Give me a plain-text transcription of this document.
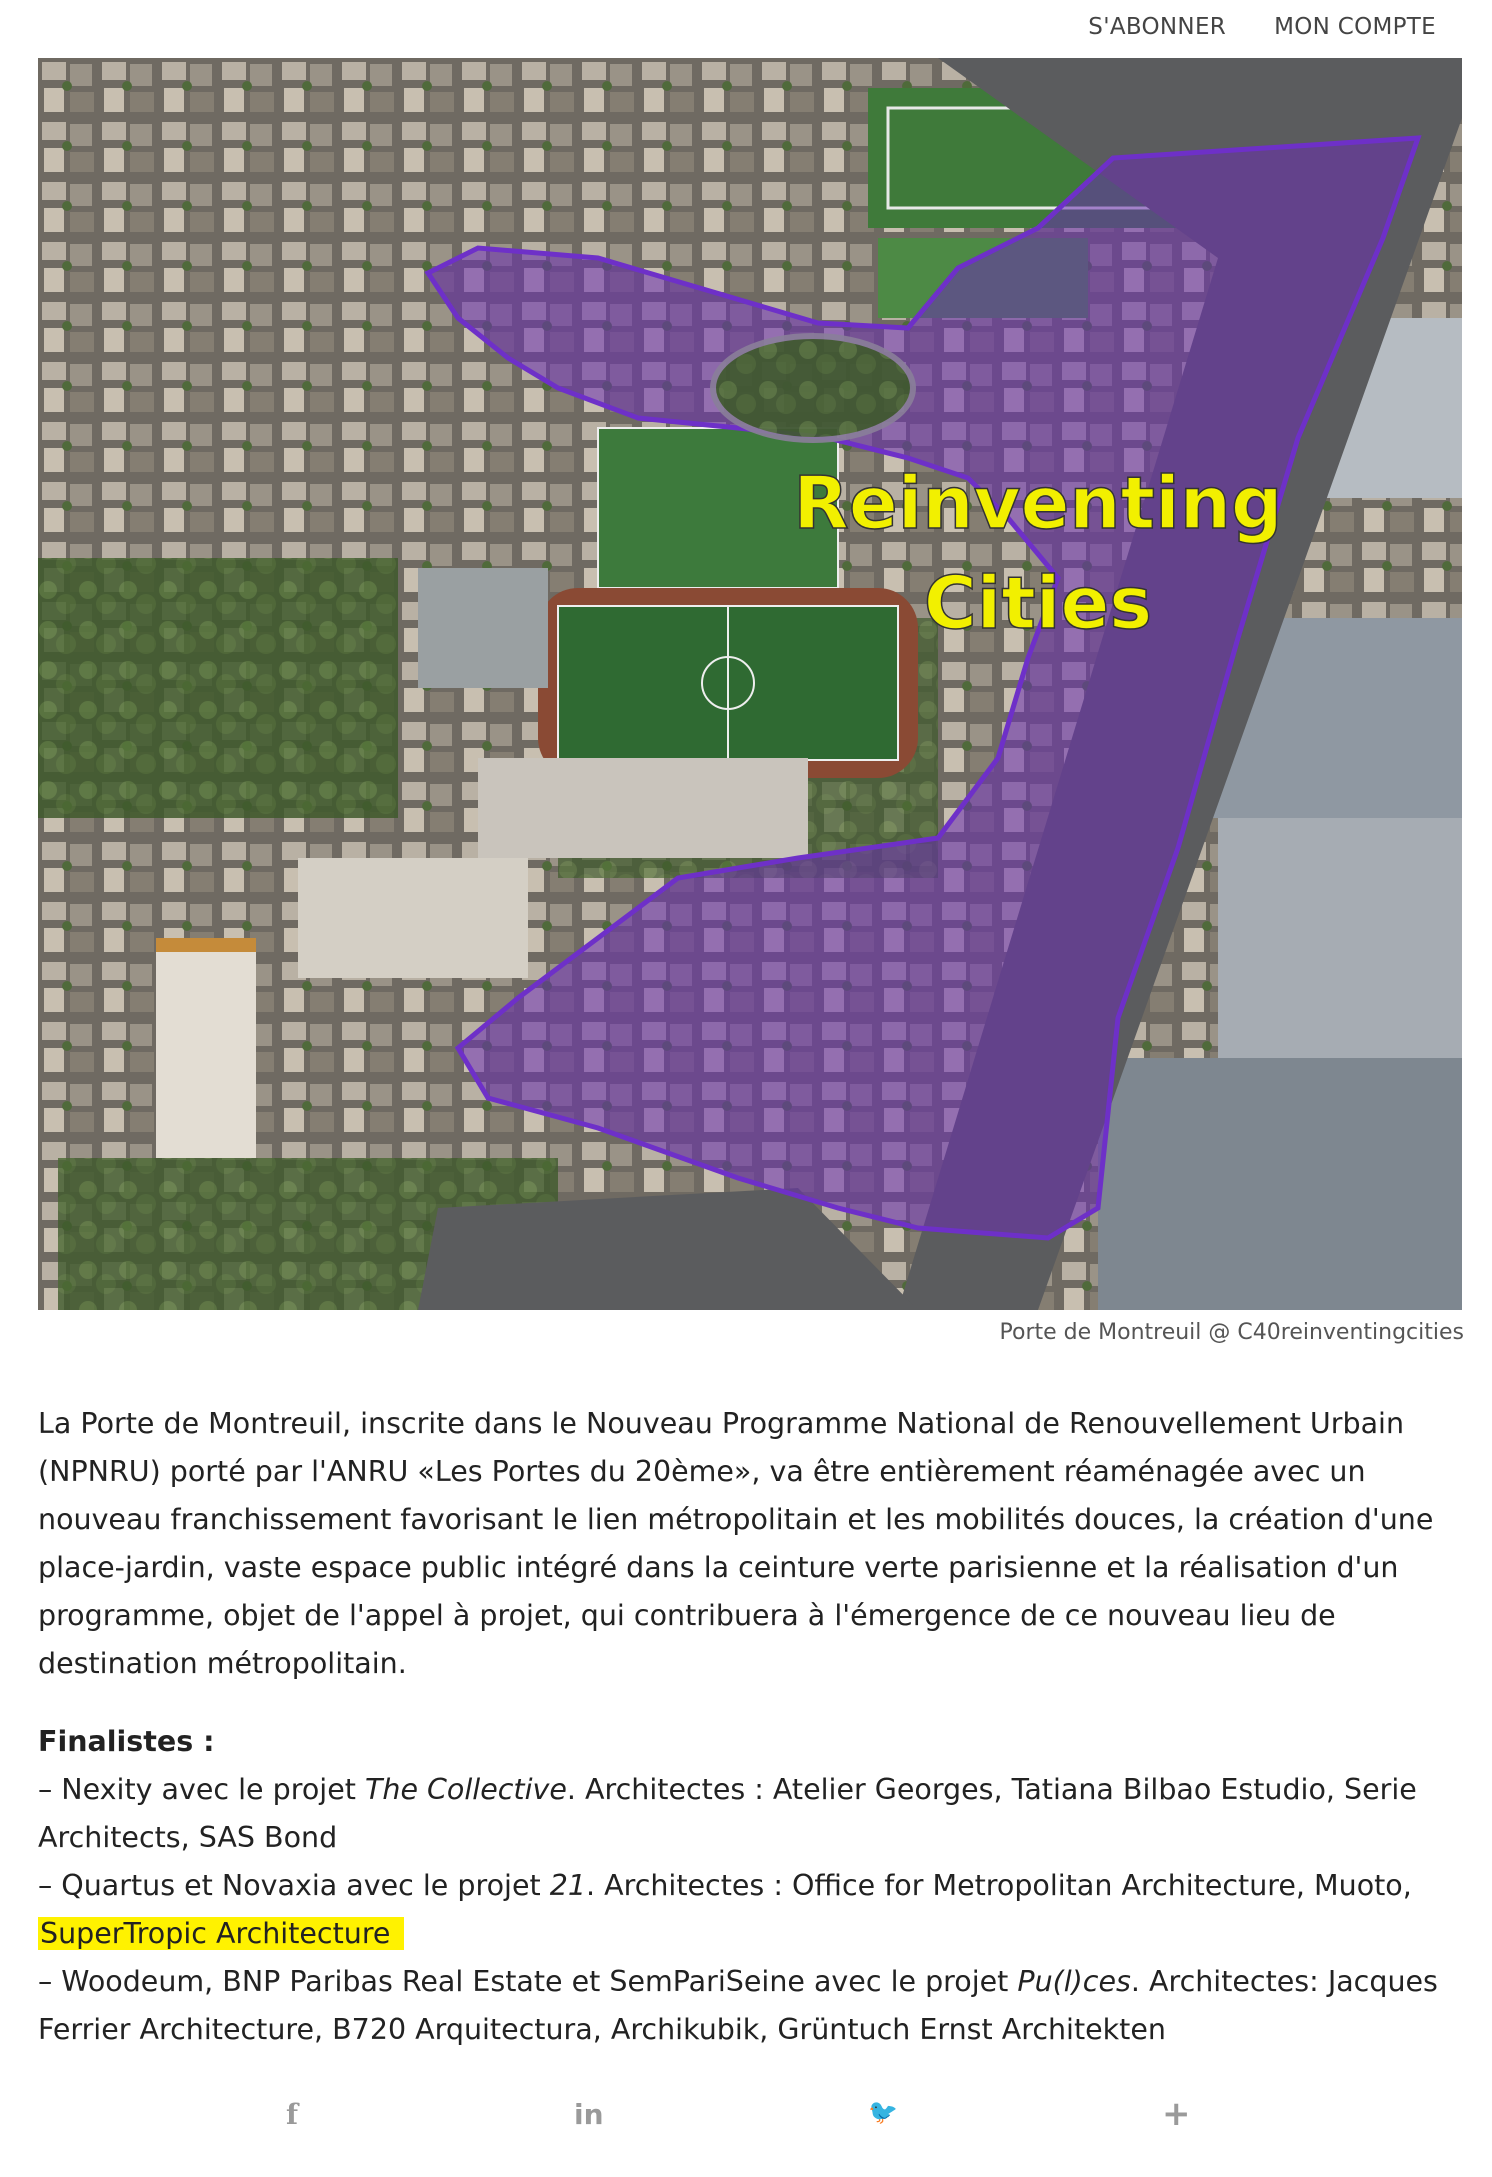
S'ABONNER MON COMPTE
Reinventing
Cities
Porte de Montreuil @ C40reinventingcities

La Porte de Montreuil, inscrite dans le Nouveau Programme National de Renouvellement Urbain (NPNRU) porté par l'ANRU «Les Portes du 20ème», va être entièrement réaménagée avec un nouveau franchissement favorisant le lien métropolitain et les mobilités douces, la création d'une place-jardin, vaste espace public intégré dans la ceinture verte parisienne et la réalisation d'un programme, objet de l'appel à projet, qui contribuera à l'émergence de ce nouveau lieu de destination métropolitain.

Finalistes :

– Nexity avec le projet The Collective. Architectes : Atelier Georges, Tatiana Bilbao Estudio, Serie Architects, SAS Bond

– Quartus et Novaxia avec le projet 21. Architectes : Office for Metropolitan Architecture, Muoto, SuperTropic Architecture

– Woodeum, BNP Paribas Real Estate et SemPariSeine avec le projet Pu(l)ces. Architectes: Jacques Ferrier Architecture, B720 Arquitectura, Archikubik, Grüntuch Ernst Architekten

f	in	🐦	+
